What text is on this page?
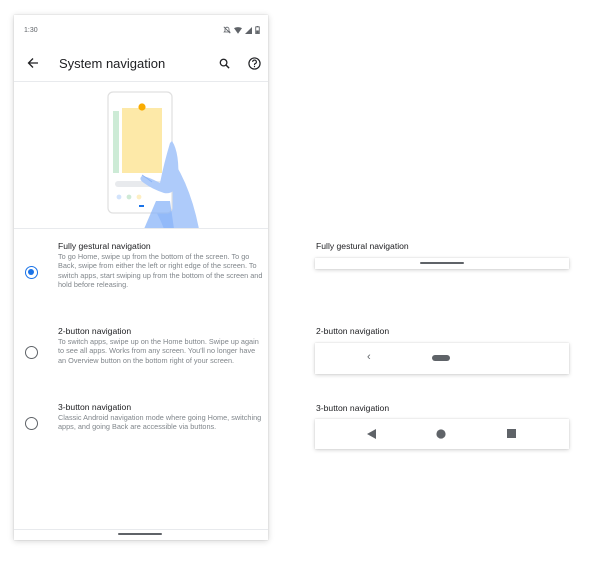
1:30
System navigation
Fully gestural navigation

To go Home, swipe up from the bottom of the screen. To go Back, swipe from either the left or right edge of the screen. To switch apps, start swiping up from the bottom of the screen and hold before releasing.

2-button navigation

To switch apps, swipe up on the Home button. Swipe up again to see all apps. Works from any screen. You'll no longer have an Overview button on the bottom right of your screen.

3-button navigation

Classic Android navigation mode where going Home, switching apps, and going Back are accessible via buttons.

Fully gestural navigation
2-button navigation
‹
3-button navigation
